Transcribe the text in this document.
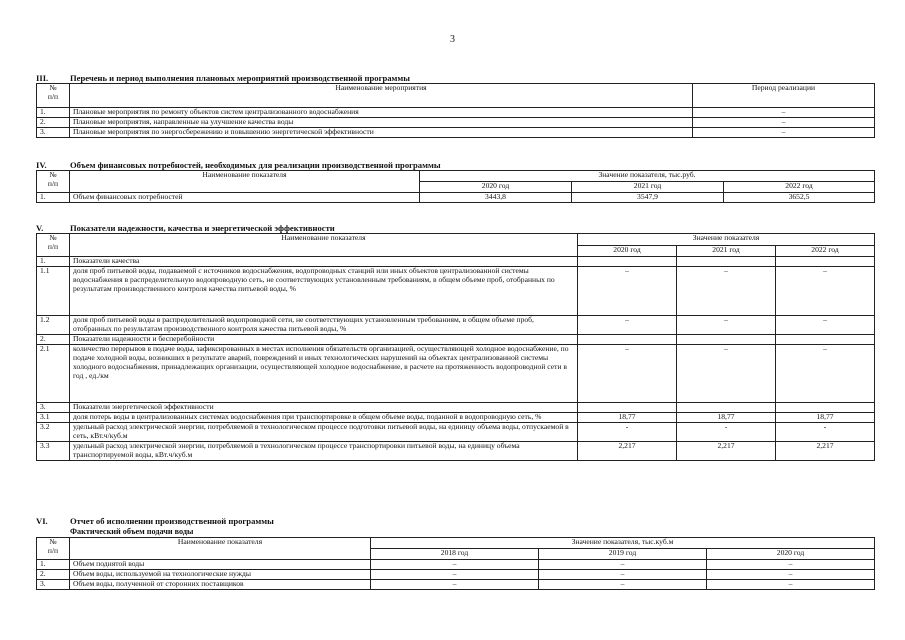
3
III.	Перечень и период выполнения плановых мероприятий производственной программы
№
п/п	Наименование мероприятия	Период реализации
1.	Плановые мероприятия по ремонту объектов систем централизованного водоснабжения	–
2.	Плановые мероприятия, направленные на улучшение качества воды	–
3.	Плановые мероприятия по энергосбережению и повышению энергетической эффективности	–
IV.	Объем финансовых потребностей, необходимых для реализации производственной программы
№
п/п	Наименование показателя	Значение показателя, тыс.руб.		
		2020 год	2021 год	2022 год
1.	Объем финансовых потребностей	3443,8	3547,9	3652,5
V.	Показатели надежности, качества и энергетической эффективности
№
п/п	Наименование показателя	Значение показателя		
		2020 год	2021 год	2022 год
1.	Показатели качества			
1.1	доля проб питьевой воды, подаваемой с источников водоснабжения, водопроводных станций или иных объектов централизованной системы водоснабжения в распределительную водопроводную сеть, не соответствующих установленным требованиям, в общем объеме проб, отобранных по результатам производственного контроля качества питьевой воды, %	–	–	–
1.2	доля проб питьевой воды в распределительной водопроводной сети, не соответствующих установленным требованиям, в общем объеме проб, отобранных по результатам производственного контроля качества питьевой воды, %	–	–	–
2.	Показатели надежности и бесперебойности			
2.1	количество перерывов в подаче воды, зафиксированных в местах исполнения обязательств организацией, осуществляющей холодное водоснабжение, по подаче холодной воды, возникших в результате аварий, повреждений и иных технологических нарушений на объектах централизованной системы холодного водоснабжения, принадлежащих организации, осуществляющей холодное водоснабжение, в расчете на протяженность водопроводной сети в год , ед./км	–	–	–
3.	Показатели энергетической эффективности			
3.1	доля потерь воды в централизованных системах водоснабжения при транспортировке в общем объеме воды, поданной в водопроводную сеть, %	18,77	18,77	18,77
3.2	удельный расход электрической энергии, потребляемой в технологическом процессе подготовки питьевой воды, на единицу объема воды, отпускаемой в сеть, кВт.ч/куб.м	-	-	-
3.3	удельный расход электрической энергии, потребляемой в технологическом процессе транспортировки питьевой воды, на единицу объема транспортируемой воды, кВт.ч/куб.м	2,217	2,217	2,217
VI.	Отчет об исполнении производственной программы
Фактический объем подачи воды
№
п/п	Наименование показателя	Значение показателя, тыс.куб.м		
		2018 год	2019 год	2020 год
1.	Объем поднятой воды	–	–	–
2.	Объем воды, используемой на технологические нужды	–	–	–
3.	Объем воды, полученной от сторонних поставщиков	–	–	–
